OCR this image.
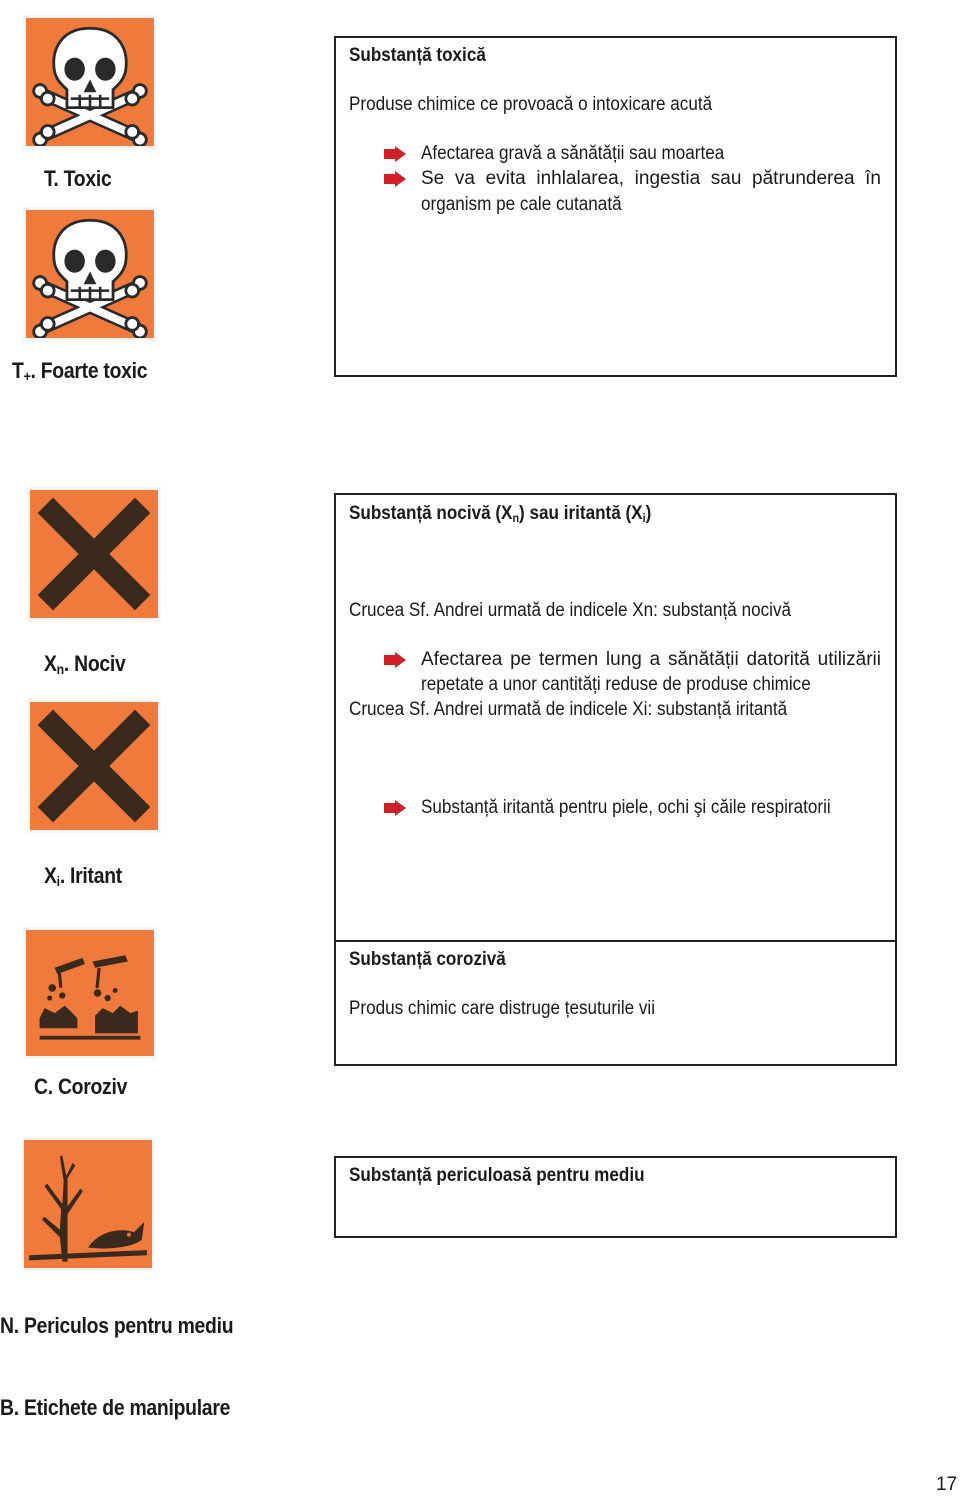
T. Toxic
$T_+$. Foarte toxic
$X_n$. Nociv
$X_i$. Iritant
C. Coroziv
N. Periculos pentru mediu
Substanță toxică
Produse chimice ce provoacă o intoxicare acută
Afectarea gravă a sănătății sau moartea
Se va evita inhlalarea, ingestia sau pătrunderea în
organism pe cale cutanată
Substanță nocivă $(X_n)$ sau iritantă $(X_i)$
Crucea Sf. Andrei urmată de indicele Xn: substanță nocivă
Afectarea pe termen lung a sănătății datorită utilizării
repetate a unor cantități reduse de produse chimice
Crucea Sf. Andrei urmată de indicele Xi: substanță iritantă
Substanță iritantă pentru piele, ochi şi căile respiratorii
Substanță corozivă
Produs chimic care distruge țesuturile vii
Substanță periculoasă pentru mediu
B. Etichete de manipulare
17
